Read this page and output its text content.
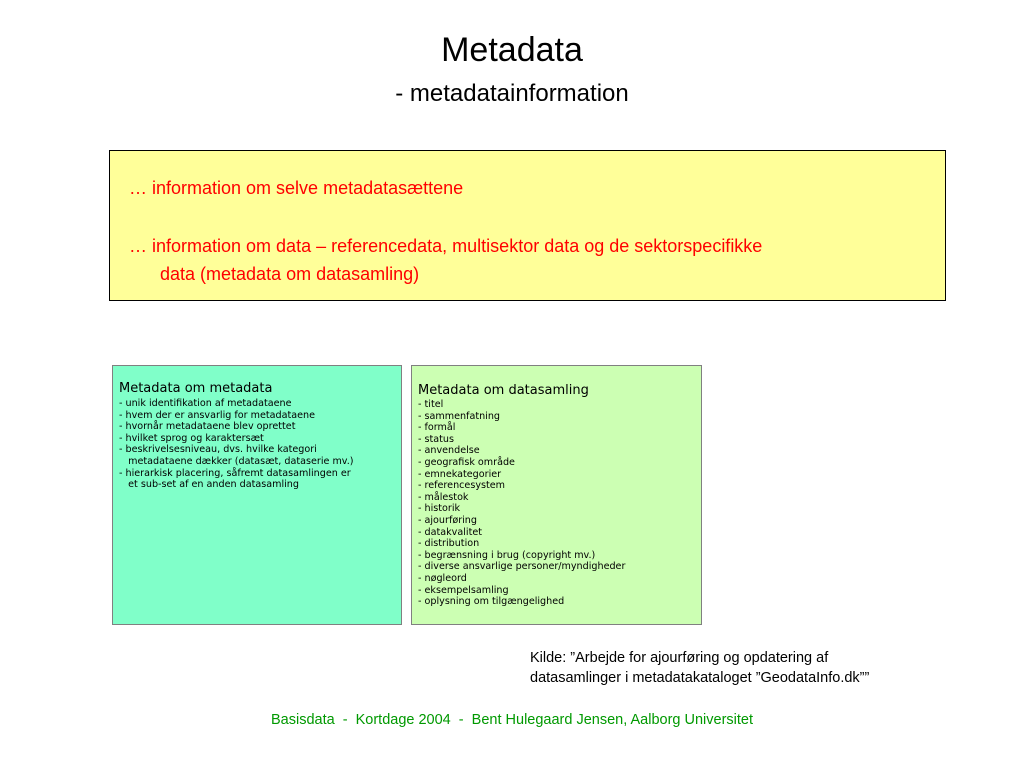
Metadata
- metadatainformation
… information om selve metadatasættene
… information om data – referencedata, multisektor data og de sektorspecifikke
data (metadata om datasamling)
Metadata om metadata
- unik identifikation af metadataene
- hvem der er ansvarlig for metadataene
- hvornår metadataene blev oprettet
- hvilket sprog og karaktersæt
- beskrivelsesniveau, dvs. hvilke kategori
metadataene dækker (datasæt, dataserie mv.)
- hierarkisk placering, såfremt datasamlingen er
et sub-set af en anden datasamling
Metadata om datasamling
- titel
- sammenfatning
- formål
- status
- anvendelse
- geografisk område
- emnekategorier
- referencesystem
- målestok
- historik
- ajourføring
- datakvalitet
- distribution
- begrænsning i brug (copyright mv.)
- diverse ansvarlige personer/myndigheder
- nøgleord
- eksempelsamling
- oplysning om tilgængelighed
Kilde: ”Arbejde for ajourføring og opdatering af
datasamlinger i metadatakataloget ”GeodataInfo.dk””
Basisdata  -  Kortdage 2004  -  Bent Hulegaard Jensen, Aalborg Universitet
